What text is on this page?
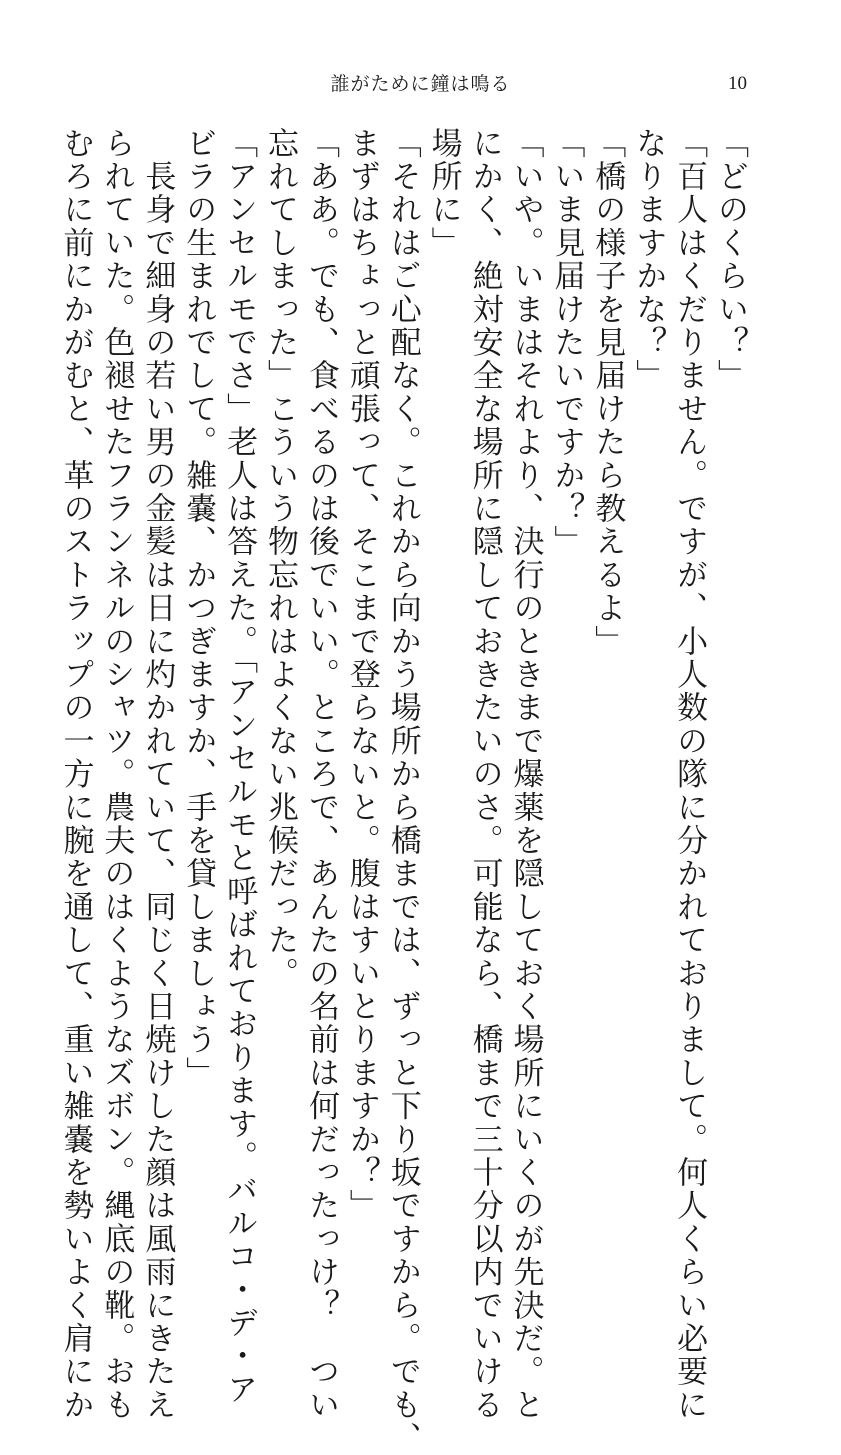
誰がために鐘は鳴る	10

「どのくらい？」

「百人はくだりません。ですが、小人数の隊に分かれておりまして。何人くらい必要に

なりますかな？」

「橋の様子を見届けたら教えるよ」

「いま見届けたいですか？」

「いや。いまはそれより、決行のときまで爆薬を隠しておく場所にいくのが先決だ。と

にかく、絶対安全な場所に隠しておきたいのさ。可能なら、橋まで三十分以内でいける

場所に」

「それはご心配なく。これから向かう場所から橋までは、ずっと下り坂ですから。でも、

まずはちょっと頑張って、そこまで登らないと。腹はすいとりますか？」

「ああ。でも、食べるのは後でいい。ところで、あんたの名前は何だったっけ？　つい

忘れてしまった」こういう物忘れはよくない兆候だった。

「アンセルモでさ」老人は答えた。「アンセルモと呼ばれております。バルコ・デ・ア

ビラの生まれでして。雑嚢、かつぎますか、手を貸しましょう」

　長身で細身の若い男の金髪は日に灼かれていて、同じく日焼けした顔は風雨にきたえ

られていた。色褪せたフランネルのシャツ。農夫のはくようなズボン。縄底の靴。おも

むろに前にかがむと、革のストラップの一方に腕を通して、重い雑嚢を勢いよく肩にか
